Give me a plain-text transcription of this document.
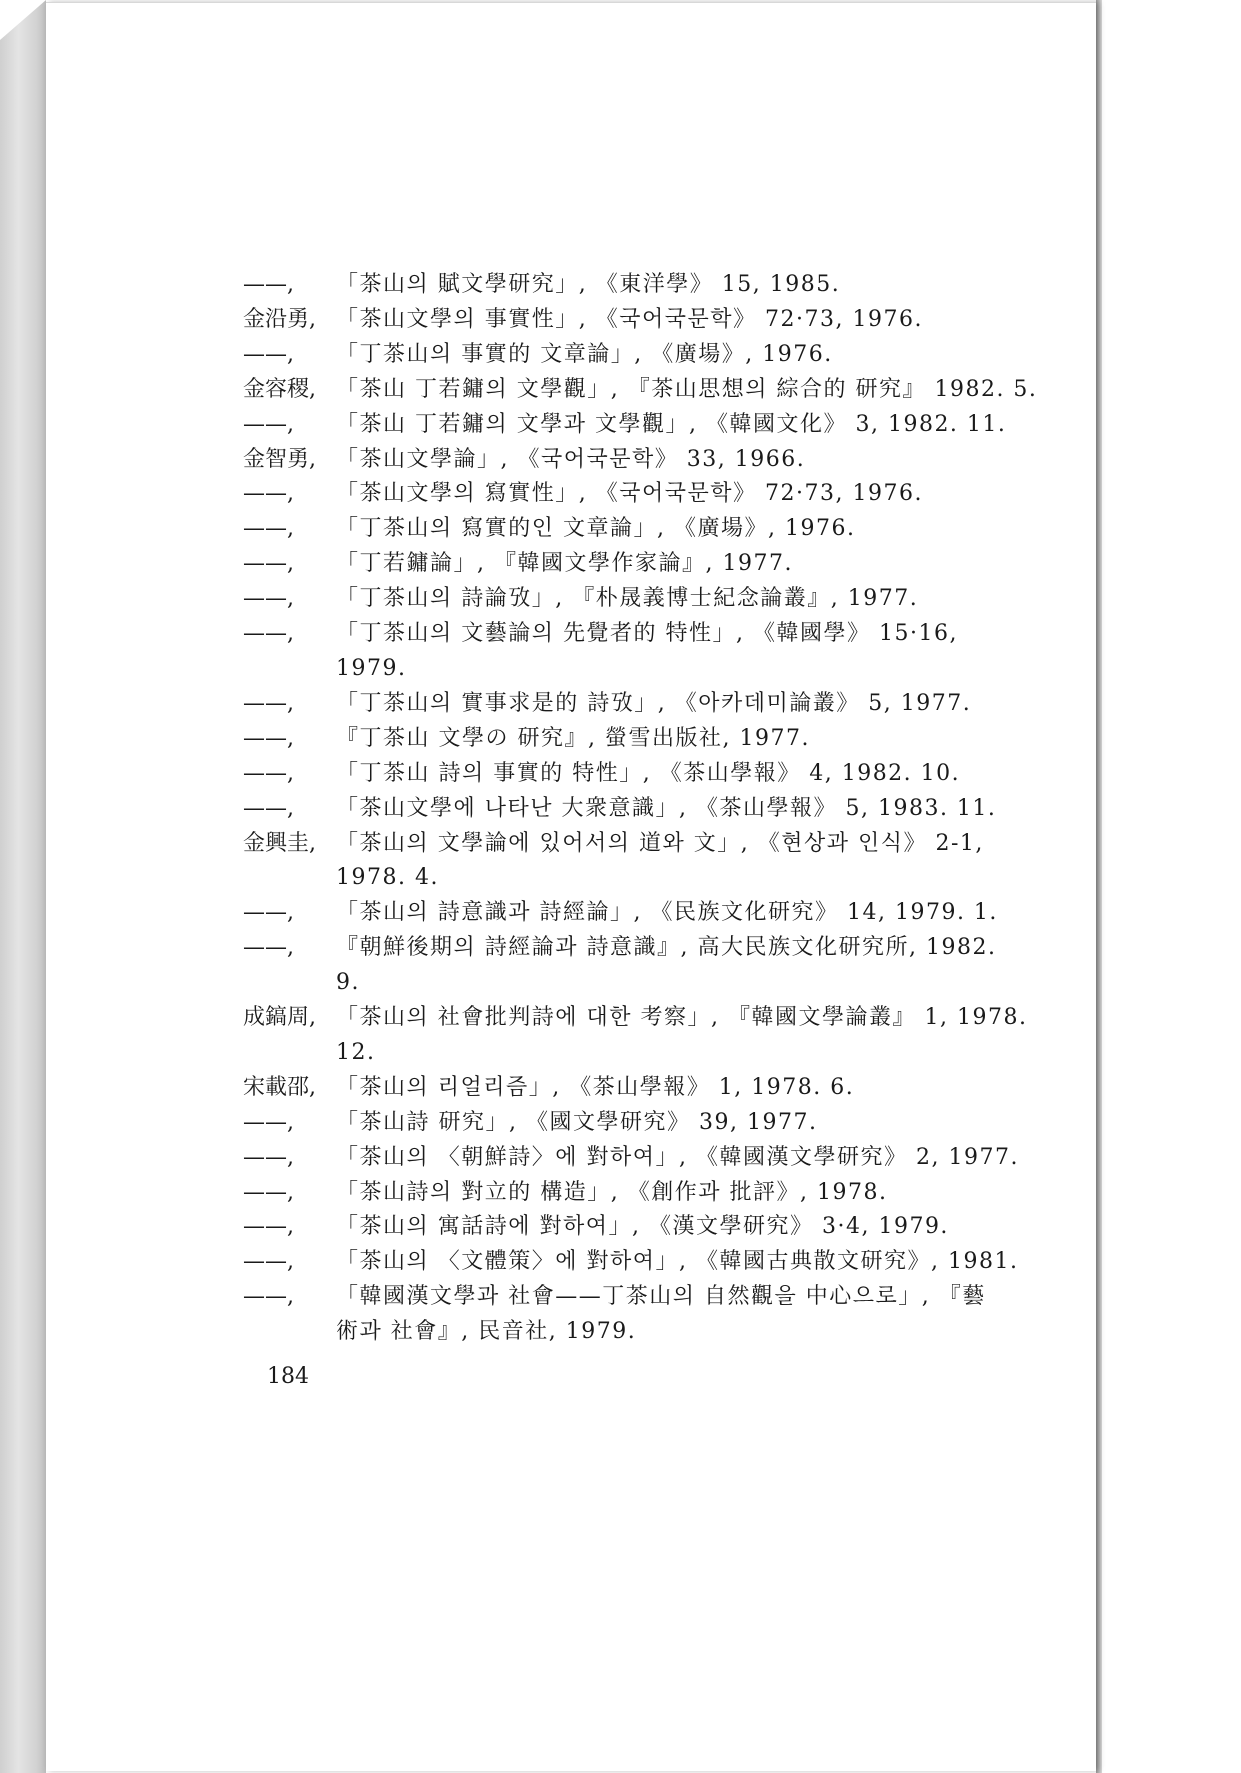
——,	「茶山의 賦文學研究」, 《東洋學》 15, 1985.
金沿勇, 「茶山文學의 事實性」, 《국어국문학》 72·73, 1976.
——,	「丁茶山의 事實的 文章論」, 《廣場》, 1976.
金容稷, 「茶山 丁若鏞의 文學觀」, 『茶山思想의 綜合的 研究』 1982. 5.
——,	「茶山 丁若鏞의 文學과 文學觀」, 《韓國文化》 3, 1982. 11.
金智勇, 「茶山文學論」, 《국어국문학》 33, 1966.
——,	「茶山文學의 寫實性」, 《국어국문학》 72·73, 1976.
——,	「丁茶山의 寫實的인 文章論」, 《廣場》, 1976.
——,	「丁若鏞論」, 『韓國文學作家論』, 1977.
——,	「丁茶山의 詩論攷」, 『朴晟義博士紀念論叢』, 1977.
——,	「丁茶山의 文藝論의 先覺者的 特性」, 《韓國學》 15·16,
1979.
——,	「丁茶山의 實事求是的 詩攷」, 《아카데미論叢》 5, 1977.
——,	『丁茶山 文學の 研究』, 螢雪出版社, 1977.
——,	「丁茶山 詩의 事實的 特性」, 《茶山學報》 4, 1982. 10.
——,	「茶山文學에 나타난 大衆意識」, 《茶山學報》 5, 1983. 11.
金興圭, 「茶山의 文學論에 있어서의 道와 文」, 《현상과 인식》 2-1,
1978. 4.
——,	「茶山의 詩意識과 詩經論」, 《民族文化研究》 14, 1979. 1.
——,	『朝鮮後期의 詩經論과 詩意識』, 高大民族文化研究所, 1982.
9.
成鎬周, 「茶山의 社會批判詩에 대한 考察」, 『韓國文學論叢』 1, 1978.
12.
宋載邵, 「茶山의 리얼리즘」, 《茶山學報》 1, 1978. 6.
——,	「茶山詩 研究」, 《國文學研究》 39, 1977.
——,	「茶山의 〈朝鮮詩〉에 對하여」, 《韓國漢文學研究》 2, 1977.
——,	「茶山詩의 對立的 構造」, 《創作과 批評》, 1978.
——,	「茶山의 寓話詩에 對하여」, 《漢文學研究》 3·4, 1979.
——,	「茶山의 〈文體策〉에 對하여」, 《韓國古典散文研究》, 1981.
——,	「韓國漢文學과 社會——丁茶山의 自然觀을 中心으로」, 『藝
術과 社會』, 民音社, 1979.
184
